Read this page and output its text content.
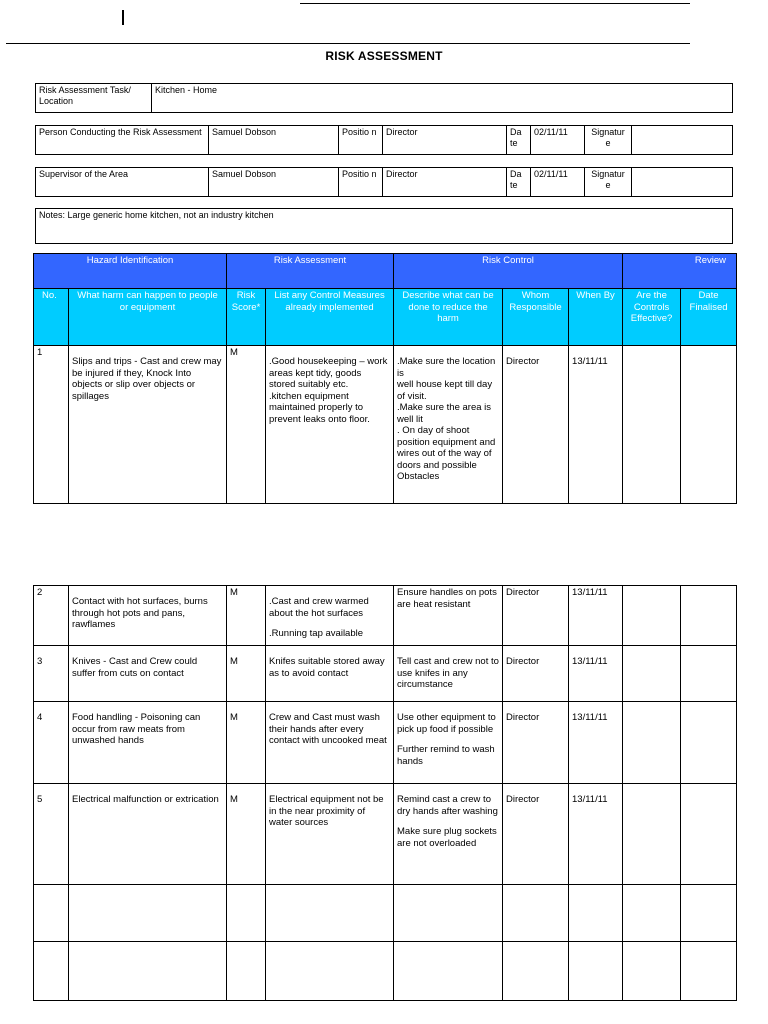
RISK ASSESSMENT
Risk Assessment Task/ Location	Kitchen - Home
Person Conducting the Risk Assessment	Samuel Dobson	Positio n	Director	Da te	02/11/11	Signatur e	
Supervisor of the Area	Samuel Dobson	Positio n	Director	Da te	02/11/11	Signatur e	
Notes: Large generic home kitchen, not an industry kitchen
Hazard Identification		Risk Assessment		Risk Control			Review	
No.	What harm can happen to people or equipment	Risk Score*	List any Control Measures already implemented	Describe what can be done to reduce the harm	Whom Responsible	When By	Are the Controls Effective?	Date Finalised
1	Slips and trips - Cast and crew may be injured if they, Knock Into objects or slip over objects or spillages	M	.Good housekeeping – work areas kept tidy, goods stored suitably etc.
.kitchen equipment maintained properly to prevent leaks onto floor.	.Make sure the location is
well house kept till day of visit.
.Make sure the area is well lit
. On day of shoot position equipment and wires out of the way of doors and possible Obstacles	Director	13/11/11		
2	Contact with hot surfaces, burns through hot pots and pans, rawflames	M	.Cast and crew warmed about the hot surfaces
.Running tap available	Ensure handles on pots are heat resistant	Director	13/11/11		
3	Knives - Cast and Crew could suffer from cuts on contact	M	Knifes suitable stored away as to avoid contact	Tell cast and crew not to use knifes in any circumstance	Director	13/11/11		
4	Food handling - Poisoning can occur from raw meats from unwashed hands	M	Crew and Cast must wash their hands after every contact with uncooked meat	Use other equipment to pick up food if possible
Further remind to wash hands	Director	13/11/11		
5	Electrical malfunction or extrication	M	Electrical equipment not be in the near proximity of water sources	Remind cast a crew to dry hands after washing
Make sure plug sockets are not overloaded	Director	13/11/11		
